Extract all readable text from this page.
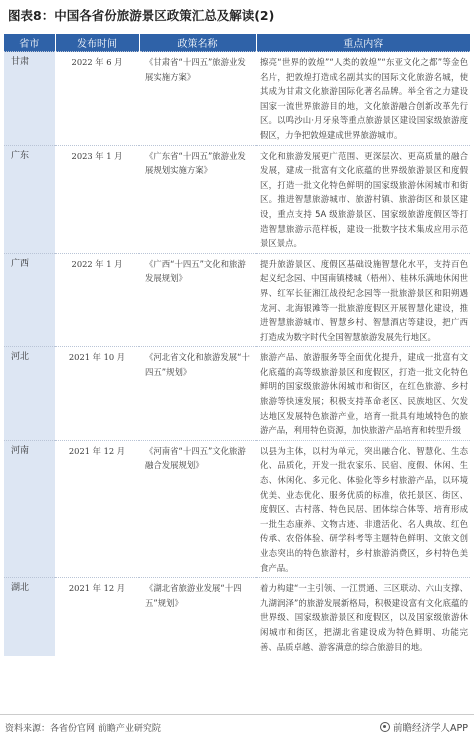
图表8：中国各省份旅游景区政策汇总及解读(2)
省市	发布时间	政策名称	重点内容
甘肃	2022 年 6 月	《甘肃省“十四五”旅游业发展实施方案》	擦亮“世界的敦煌”“人类的敦煌”“东亚文化之都”等金色名片，把敦煌打造成名副其实的国际文化旅游名城，使其成为甘肃文化旅游国际化著名品牌。举全省之力建设国家一流世界旅游目的地，文化旅游融合创新改革先行区。以鸣沙山·月牙泉等重点旅游景区建设国家级旅游度假区，力争把敦煌建成世界旅游城市。
广东	2023 年 1 月	《广东省“十四五”旅游业发展规划实施方案》	文化和旅游发展更广范围、更深层次、更高质量的融合发展，建成一批富有文化底蕴的世界级旅游景区和度假区，打造一批文化特色鲜明的国家级旅游休闲城市和街区。推进智慧旅游城市、旅游村镇、旅游街区和景区建设，重点支持 5A 级旅游景区、国家级旅游度假区等打造智慧旅游示范样板，建设一批数字技术集成应用示范景区景点。
广西	2022 年 1 月	《广西“十四五”文化和旅游发展规划》	提升旅游景区、度假区基础设施智慧化水平，支持百色起义纪念园、中国南镇楼城（梧州）、桂林乐满地休闲世界、红军长征湘江战役纪念园等一批旅游景区和阳朔遇龙河、北海银滩等一批旅游度假区开展智慧化建设，推进智慧旅游城市、智慧乡村、智慧酒店等建设，把广西打造成为数字时代全国智慧旅游发展先行地区。
河北	2021 年 10 月	《河北省文化和旅游发展“十四五”规划》	旅游产品、旅游服务等全面优化提升，建成一批富有文化底蕴的高等级旅游景区和度假区，打造一批文化特色鲜明的国家级旅游休闲城市和街区，在红色旅游、乡村旅游等快速发展；积极支持革命老区、民族地区、欠发达地区发展特色旅游产业，培育一批具有地域特色的旅游产品，利用特色资源，加快旅游产品培育和转型升级
河南	2021 年 12 月	《河南省“十四五”文化旅游融合发展规划》	以县为主体，以村为单元，突出融合化、智慧化、生态化、品质化，开发一批农家乐、民宿、度假、休闲、生态、休闲化、多元化、体验化等乡村旅游产品，以环境优美、业态优化、服务优质的标准，依托景区、街区、度假区、古村落、特色民居、团体综合体等、培育形成一批生态康养、文物古迹、非遗活化、名人典故、红色传承、农俗体验、研学科考等主题特色鲜明、文旅文创业态突出的特色旅游村，乡村旅游消费区，乡村特色美食产品。
湖北	2021 年 12 月	《湖北省旅游业发展“十四五”规划》	着力构建“一主引领、一江贯通、三区联动、六山支撑、九湖润泽”的旅游发展新格局，积极建设富有文化底蕴的世界级、国家级旅游景区和度假区，以及国家级旅游休闲城市和街区，把湖北省建设成为特色鲜明、功能完善、品质卓越、游客满意的综合旅游目的地。
资料来源：各省份官网 前瞻产业研究院	前瞻经济学人APP
